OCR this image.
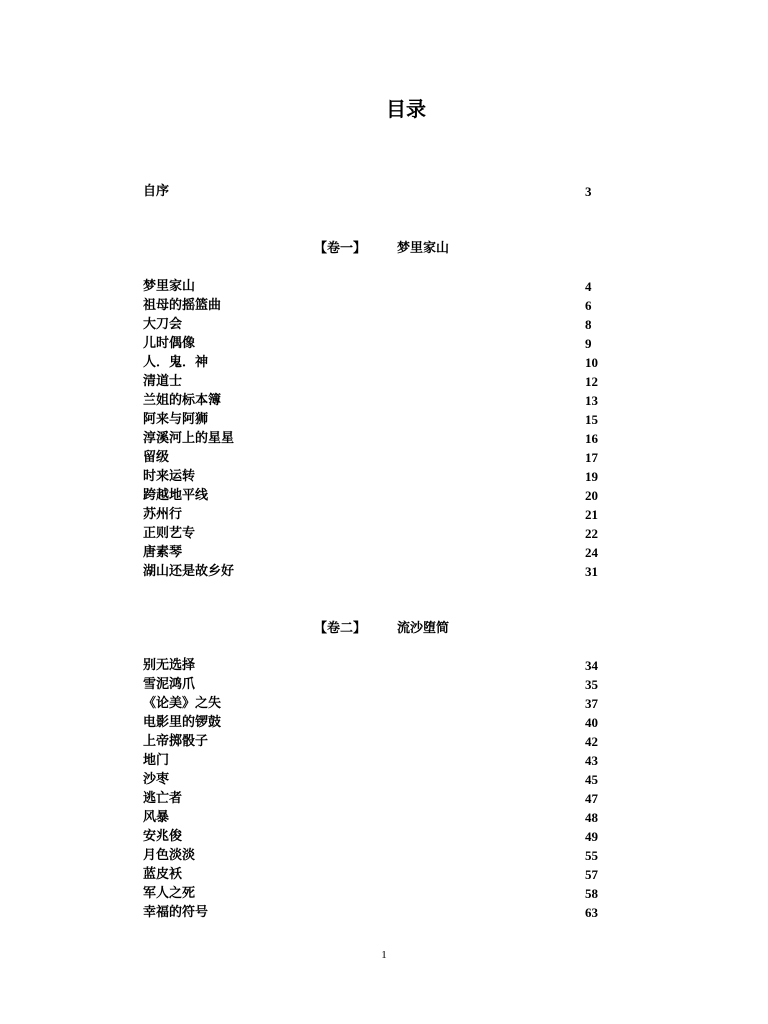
目录
自序	3
【卷一】 梦里家山
梦里家山	4
祖母的摇篮曲	6
大刀会	8
儿时偶像	9
人．鬼．神	10
清道士	12
兰姐的标本簿	13
阿来与阿狮	15
淳溪河上的星星	16
留级	17
时来运转	19
跨越地平线	20
苏州行	21
正则艺专	22
唐素琴	24
湖山还是故乡好	31
【卷二】 流沙堕简
别无选择	34
雪泥鸿爪	35
《论美》之失	37
电影里的锣鼓	40
上帝掷骰子	42
地门	43
沙枣	45
逃亡者	47
风暴	48
安兆俊	49
月色淡淡	55
蓝皮袄	57
军人之死	58
幸福的符号	63
1
